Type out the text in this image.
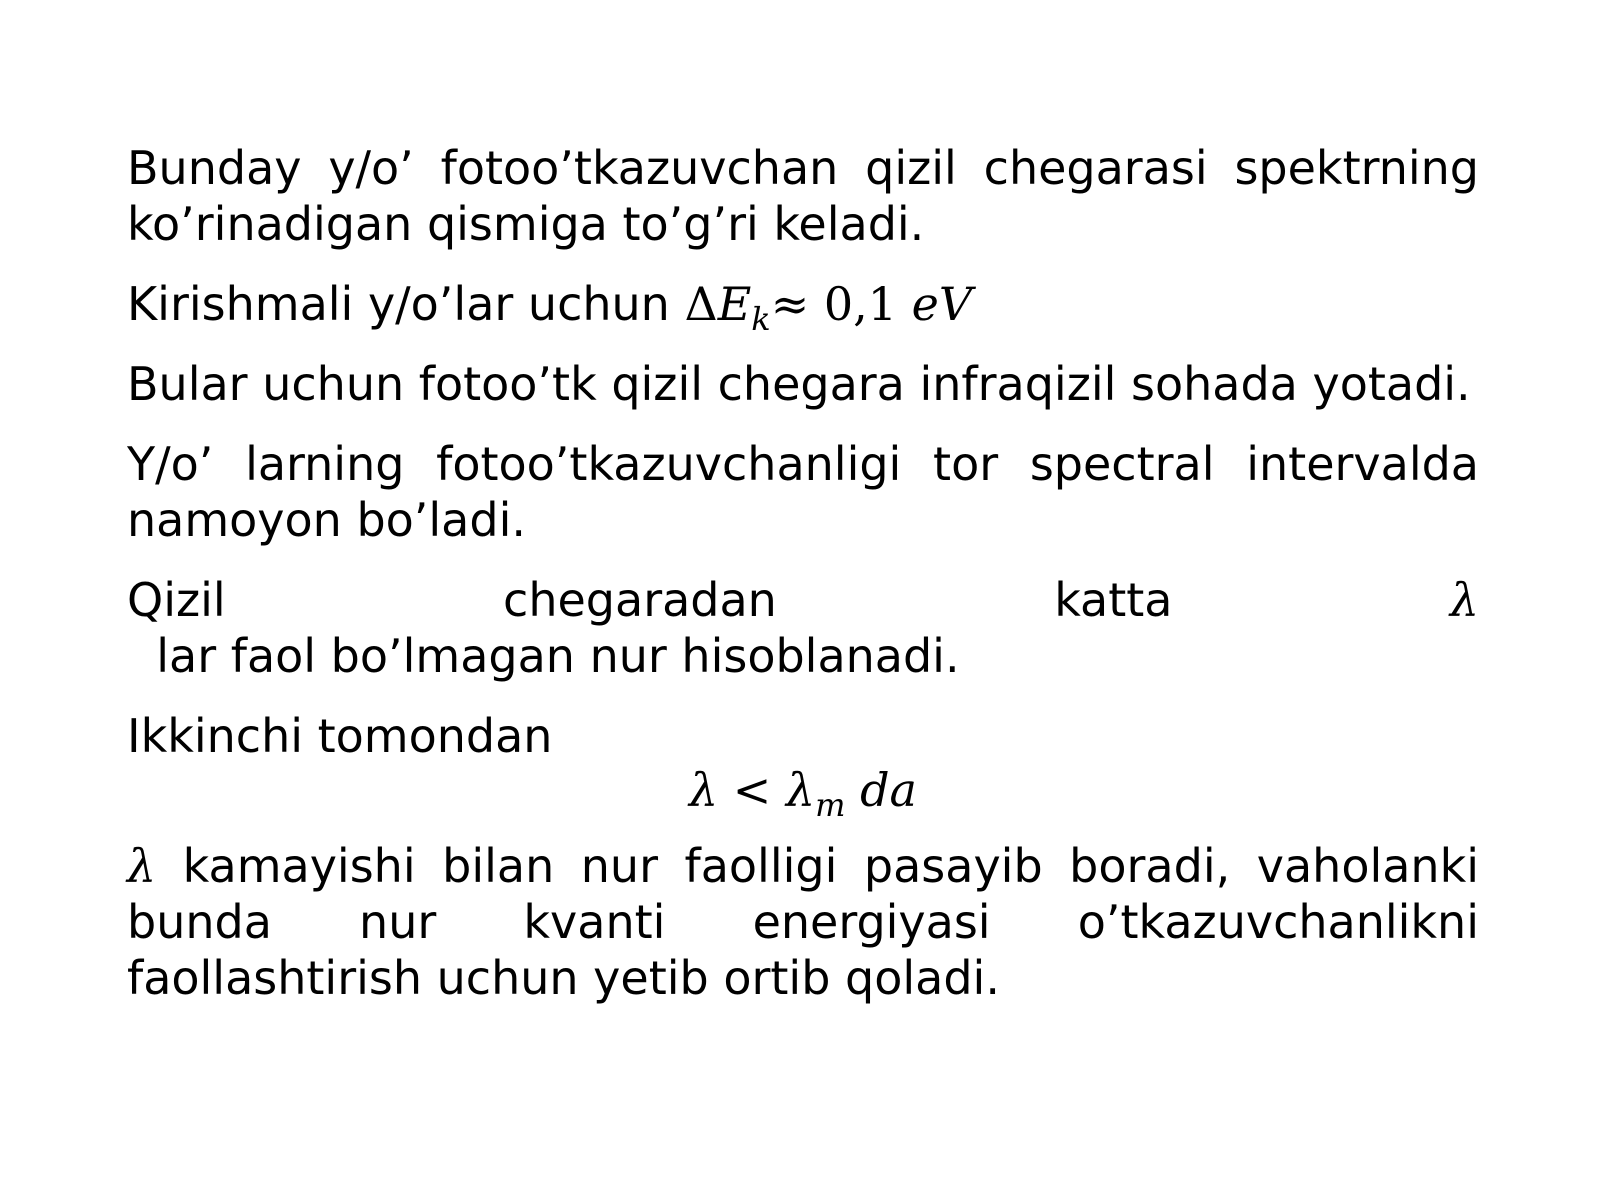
Bunday y/o’ fotoo’tkazuvchan qizil chegarasi spektrning ko’rinadigan qismiga to’g’ri keladi.

Kirishmali y/o’lar uchun $\Delta E_k\approx 0,1$ eV

Bular uchun fotoo’tk qizil chegara infraqizil sohada yotadi.

Y/o’ larning fotoo’tkazuvchanligi tor spectral intervalda namoyon bo’ladi.

Qizil chegaradan katta λ  lar faol bo’lmagan nur hisoblanadi.

Ikkinchi tomondan

$\lambda < \lambda_m$ da

λ kamayishi bilan nur faolligi pasayib boradi, vaholanki bunda nur kvanti energiyasi o’tkazuvchanlikni faollashtirish uchun yetib ortib qoladi.
